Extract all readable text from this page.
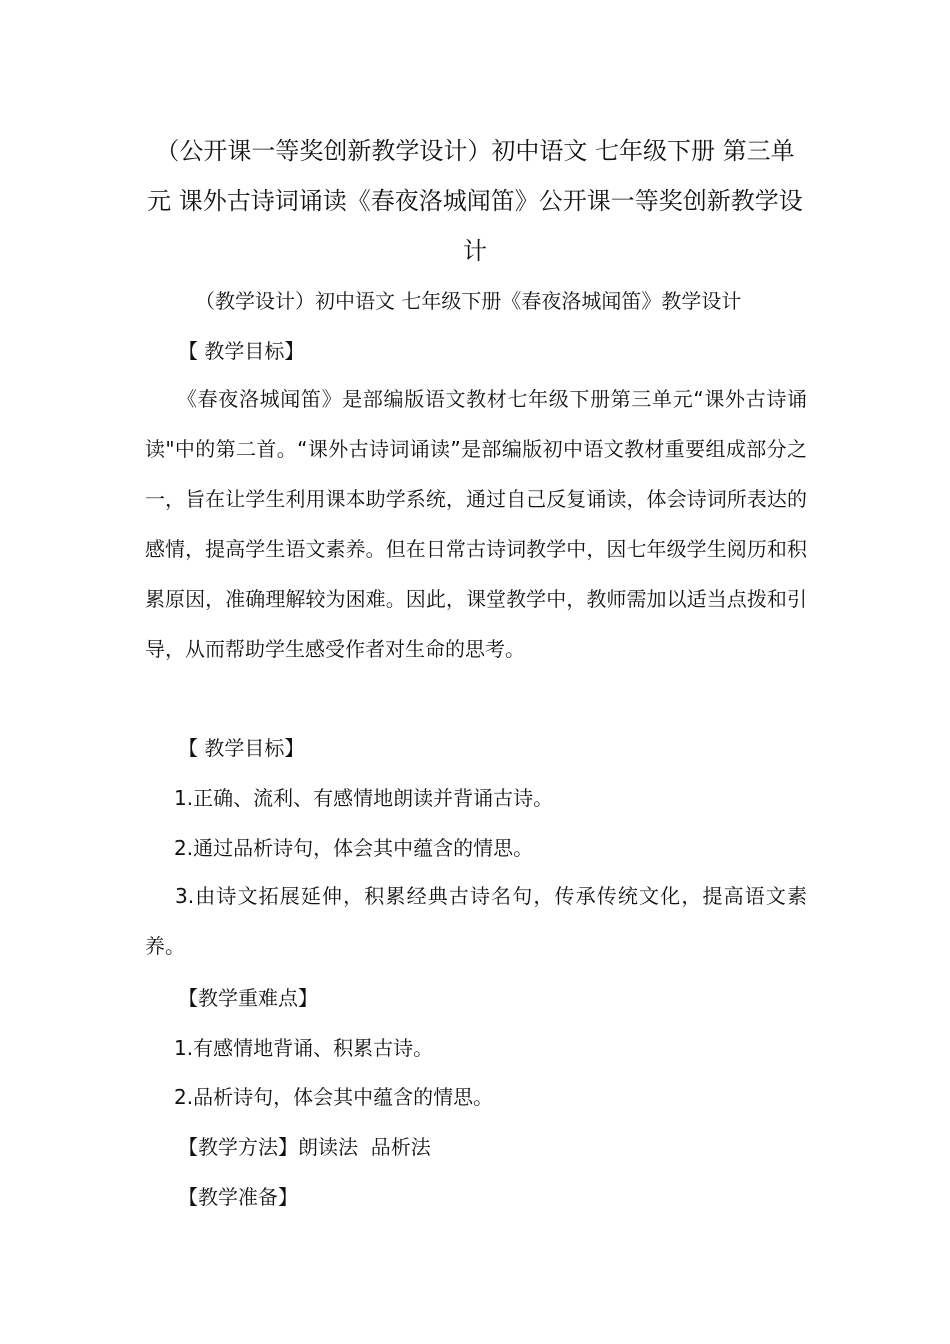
（公开课一等奖创新教学设计）初中语文 七年级下册 第三单元 课外古诗词诵读《春夜洛城闻笛》公开课一等奖创新教学设计

（教学设计）初中语文 七年级下册《春夜洛城闻笛》教学设计

【 教学目标】

《春夜洛城闻笛》是部编版语文教材七年级下册第三单元“课外古诗诵读"中的第二首。“课外古诗词诵读”是部编版初中语文教材重要组成部分之一，旨在让学生利用课本助学系统，通过自己反复诵读，体会诗词所表达的感情，提高学生语文素养。但在日常古诗词教学中，因七年级学生阅历和积累原因，准确理解较为困难。因此，课堂教学中，教师需加以适当点拨和引导，从而帮助学生感受作者对生命的思考。

【 教学目标】

1.正确、流利、有感情地朗读并背诵古诗。

2.通过品析诗句，体会其中蕴含的情思。

3.由诗文拓展延伸，积累经典古诗名句，传承传统文化，提高语文素养。

【教学重难点】

1.有感情地背诵、积累古诗。

2.品析诗句，体会其中蕴含的情思。

【教学方法】朗读法  品析法

【教学准备】
